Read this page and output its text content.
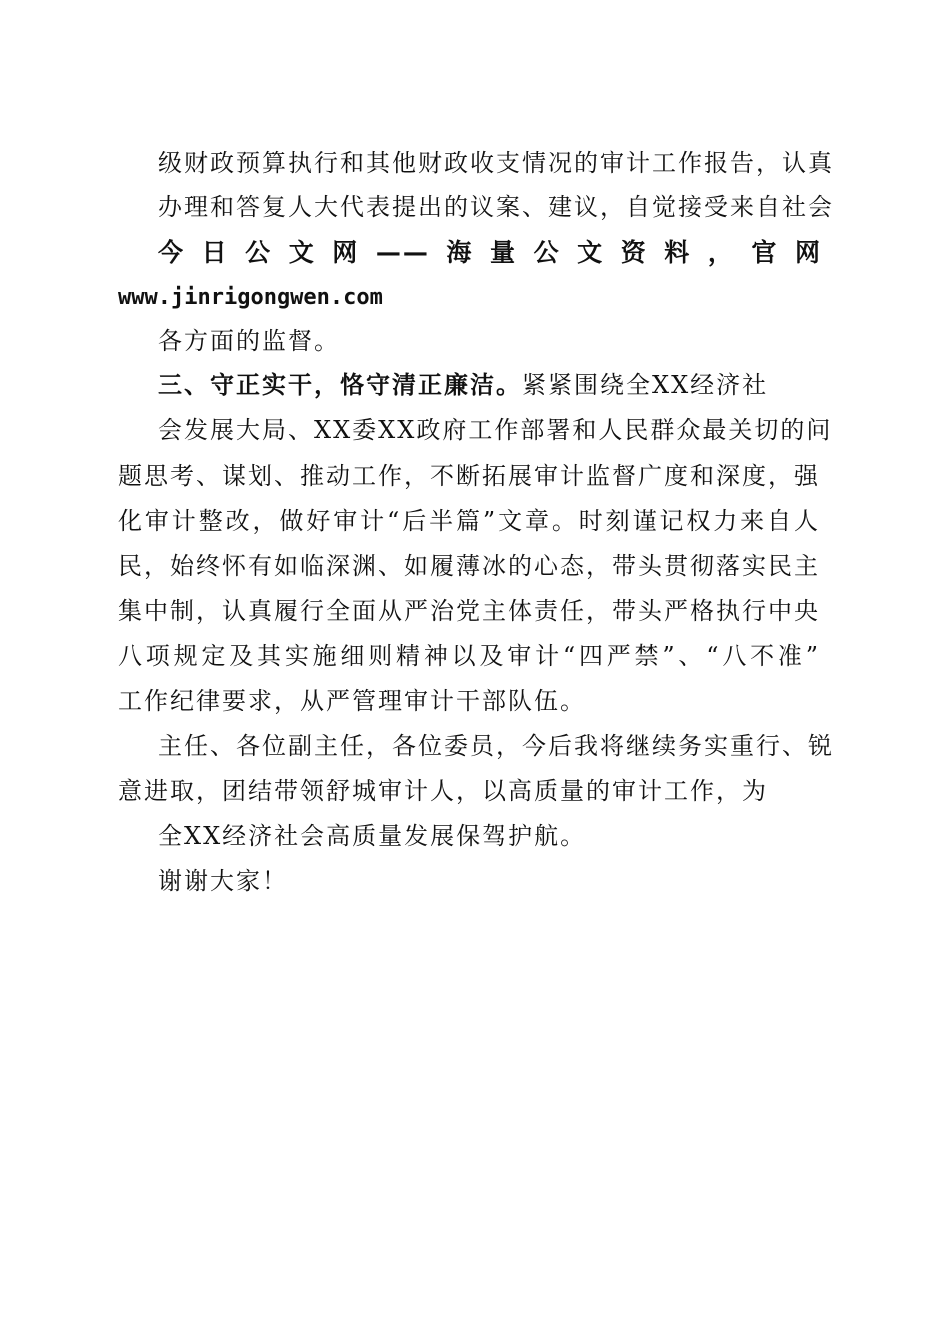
级财政预算执行和其他财政收支情况的审计工作报告，认真

办理和答复人大代表提出的议案、建议，自觉接受来自社会

今日公文网——海量公文资料，官网

www.jinrigongwen.com

各方面的监督。

三、守正实干，恪守清正廉洁。紧紧围绕全XX经济社

会发展大局、XX委XX政府工作部署和人民群众最关切的问

题思考、谋划、推动工作，不断拓展审计监督广度和深度，强

化审计整改，做好审计“后半篇”文章。时刻谨记权力来自人

民，始终怀有如临深渊、如履薄冰的心态，带头贯彻落实民主

集中制，认真履行全面从严治党主体责任，带头严格执行中央

八项规定及其实施细则精神以及审计“四严禁”、“八不准”

工作纪律要求，从严管理审计干部队伍。

主任、各位副主任，各位委员，今后我将继续务实重行、锐

意进取，团结带领舒城审计人，以高质量的审计工作，为

全XX经济社会高质量发展保驾护航。

谢谢大家！
